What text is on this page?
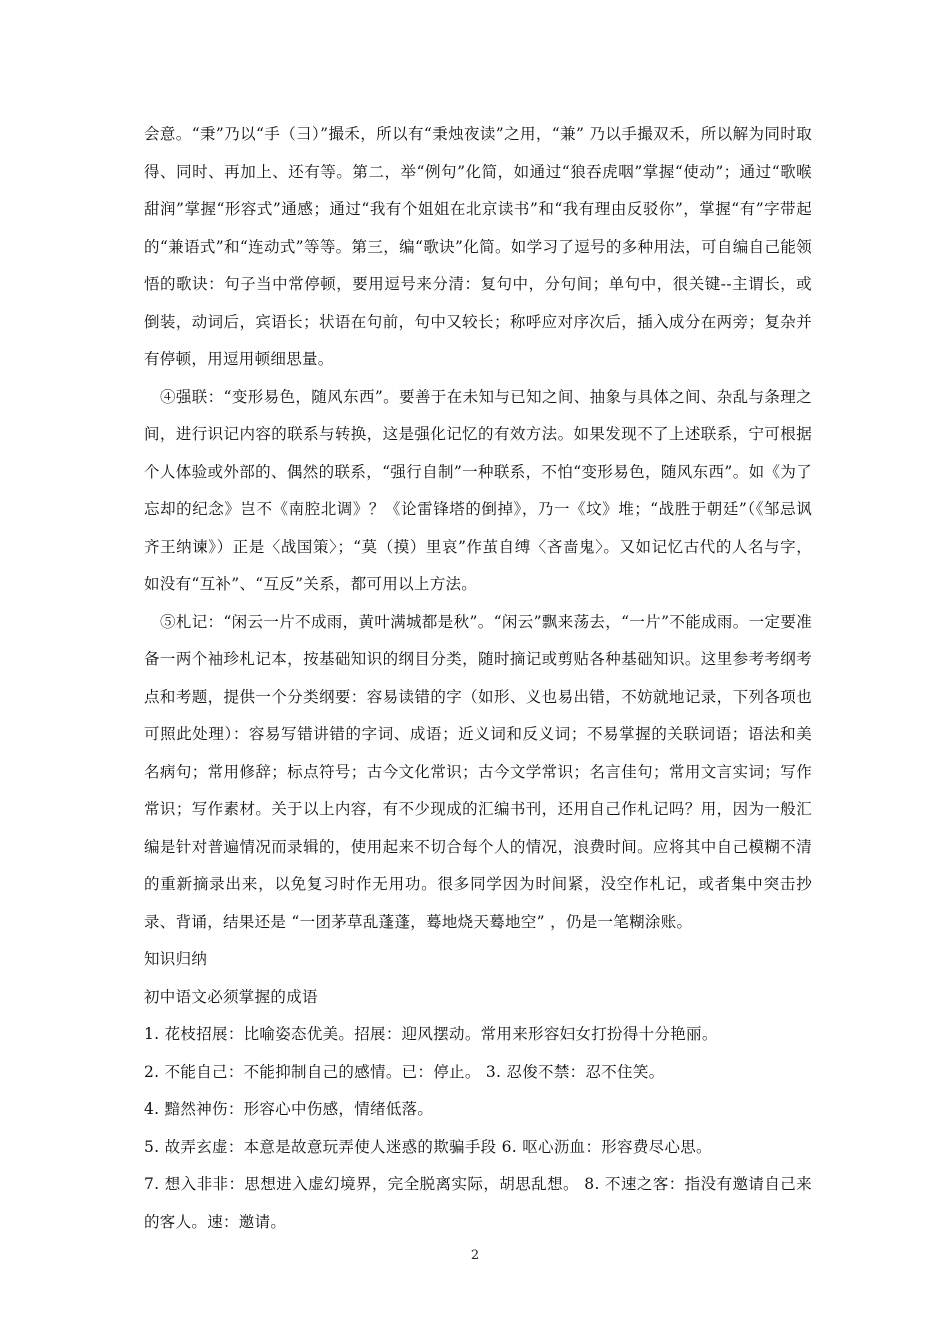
会意。“秉”乃以“手（彐）”撮禾，所以有“秉烛夜读”之用，“兼” 乃以手撮双禾，所以解为同时取得、同时、再加上、还有等。第二，举“例句”化简，如通过“狼吞虎咽”掌握“使动”；通过“歌喉甜润”掌握“形容式”通感；通过“我有个姐姐在北京读书”和“我有理由反驳你”，掌握“有”字带起的“兼语式”和“连动式”等等。第三，编“歌诀”化简。如学习了逗号的多种用法，可自编自己能领悟的歌诀：句子当中常停顿，要用逗号来分清：复句中，分句间；单句中，很关键--主谓长，或倒装，动词后，宾语长；状语在句前，句中又较长；称呼应对序次后，插入成分在两旁；复杂并有停顿，用逗用顿细思量。

④强联：“变形易色，随风东西”。要善于在未知与已知之间、抽象与具体之间、杂乱与条理之间，进行识记内容的联系与转换，这是强化记忆的有效方法。如果发现不了上述联系，宁可根据个人体验或外部的、偶然的联系，“强行自制”一种联系，不怕“变形易色，随风东西”。如《为了忘却的纪念》岂不《南腔北调》？《论雷锋塔的倒掉》，乃一《坟》堆；“战胜于朝廷”（《邹忌讽齐王纳谏》）正是〈战国策〉；“莫（摸）里哀”作茧自缚〈吝啬鬼〉。又如记忆古代的人名与字，如没有“互补”、“互反”关系，都可用以上方法。

⑤札记：“闲云一片不成雨，黄叶满城都是秋”。“闲云”飘来荡去，“一片”不能成雨。一定要准备一两个袖珍札记本，按基础知识的纲目分类，随时摘记或剪贴各种基础知识。这里参考考纲考点和考题，提供一个分类纲要：容易读错的字（如形、义也易出错，不妨就地记录，下列各项也可照此处理）：容易写错讲错的字词、成语；近义词和反义词；不易掌握的关联词语；语法和美名病句；常用修辞；标点符号；古今文化常识；古今文学常识；名言佳句；常用文言实词；写作常识；写作素材。关于以上内容，有不少现成的汇编书刊，还用自己作札记吗？用，因为一般汇编是针对普遍情况而录辑的，使用起来不切合每个人的情况，浪费时间。应将其中自己模糊不清的重新摘录出来，以免复习时作无用功。很多同学因为时间紧，没空作札记，或者集中突击抄录、背诵，结果还是 “一团茅草乱蓬蓬，蓦地烧天蓦地空” ，仍是一笔糊涂账。

知识归纳

初中语文必须掌握的成语

1. 花枝招展：比喻姿态优美。招展：迎风摆动。常用来形容妇女打扮得十分艳丽。

2. 不能自己：不能抑制自己的感情。已：停止。 3. 忍俊不禁：忍不住笑。

4. 黯然神伤：形容心中伤感，情绪低落。

5. 故弄玄虚：本意是故意玩弄使人迷惑的欺骗手段 6. 呕心沥血：形容费尽心思。

7. 想入非非：思想进入虚幻境界，完全脱离实际，胡思乱想。 8. 不速之客：指没有邀请自己来的客人。速：邀请。

2
